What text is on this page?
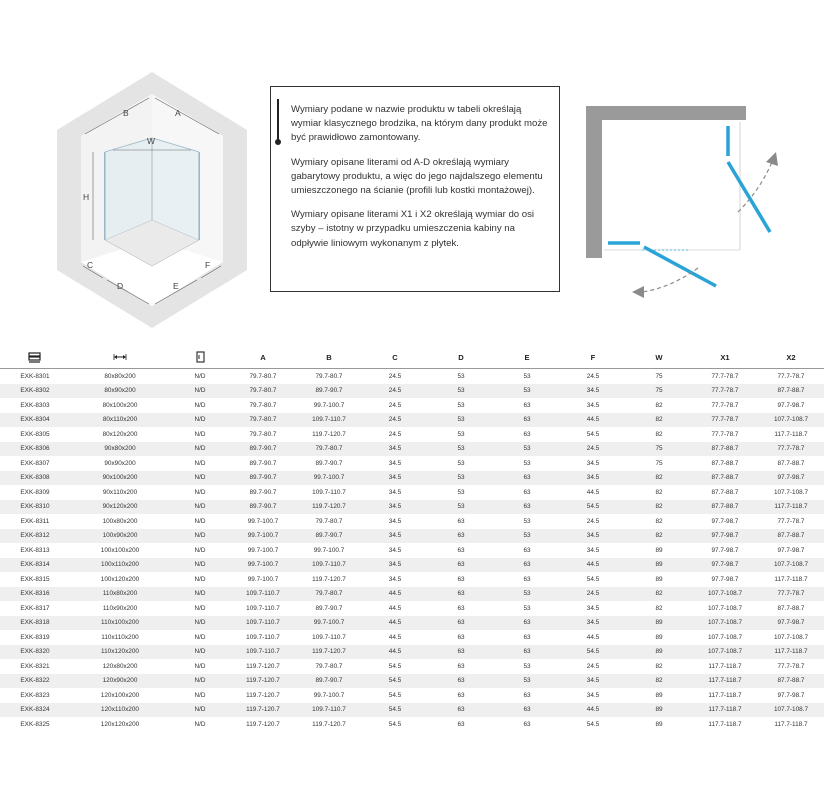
B	A
W
H
C
D	E
F

Wymiary podane w nazwie produktu w tabeli określają wymiar klasycznego brodzika, na którym dany produkt może być prawidłowo zamontowany.

Wymiary opisane literami od A-D określają wymiary gabarytowy produktu, a więc do jego najdalszego elementu umieszczonego na ścianie (profili lub kostki montażowej).

Wymiary opisane literami X1 i X2 określają wymiar do osi szyby – istotny w przypadku umieszczenia kabiny na odpływie liniowym wykonanym z płytek.

			A	B	C	D	E	F	W	X1	X2
EXK-8301	80x80x200	N/D	79.7-80.7	79.7-80.7	24.5	53	53	24.5	75	77.7-78.7	77.7-78.7
EXK-8302	80x90x200	N/D	79.7-80.7	89.7-90.7	24.5	53	53	34.5	75	77.7-78.7	87.7-88.7
EXK-8303	80x100x200	N/D	79.7-80.7	99.7-100.7	24.5	53	63	34.5	82	77.7-78.7	97.7-98.7
EXK-8304	80x110x200	N/D	79.7-80.7	109.7-110.7	24.5	53	63	44.5	82	77.7-78.7	107.7-108.7
EXK-8305	80x120x200	N/D	79.7-80.7	119.7-120.7	24.5	53	63	54.5	82	77.7-78.7	117.7-118.7
EXK-8306	90x80x200	N/D	89.7-90.7	79.7-80.7	34.5	53	53	24.5	75	87.7-88.7	77.7-78.7
EXK-8307	90x90x200	N/D	89.7-90.7	89.7-90.7	34.5	53	53	34.5	75	87.7-88.7	87.7-88.7
EXK-8308	90x100x200	N/D	89.7-90.7	99.7-100.7	34.5	53	63	34.5	82	87.7-88.7	97.7-98.7
EXK-8309	90x110x200	N/D	89.7-90.7	109.7-110.7	34.5	53	63	44.5	82	87.7-88.7	107.7-108.7
EXK-8310	90x120x200	N/D	89.7-90.7	119.7-120.7	34.5	53	63	54.5	82	87.7-88.7	117.7-118.7
EXK-8311	100x80x200	N/D	99.7-100.7	79.7-80.7	34.5	63	53	24.5	82	97.7-98.7	77.7-78.7
EXK-8312	100x90x200	N/D	99.7-100.7	89.7-90.7	34.5	63	53	34.5	82	97.7-98.7	87.7-88.7
EXK-8313	100x100x200	N/D	99.7-100.7	99.7-100.7	34.5	63	63	34.5	89	97.7-98.7	97.7-98.7
EXK-8314	100x110x200	N/D	99.7-100.7	109.7-110.7	34.5	63	63	44.5	89	97.7-98.7	107.7-108.7
EXK-8315	100x120x200	N/D	99.7-100.7	119.7-120.7	34.5	63	63	54.5	89	97.7-98.7	117.7-118.7
EXK-8316	110x80x200	N/D	109.7-110.7	79.7-80.7	44.5	63	53	24.5	82	107.7-108.7	77.7-78.7
EXK-8317	110x90x200	N/D	109.7-110.7	89.7-90.7	44.5	63	53	34.5	82	107.7-108.7	87.7-88.7
EXK-8318	110x100x200	N/D	109.7-110.7	99.7-100.7	44.5	63	63	34.5	89	107.7-108.7	97.7-98.7
EXK-8319	110x110x200	N/D	109.7-110.7	109.7-110.7	44.5	63	63	44.5	89	107.7-108.7	107.7-108.7
EXK-8320	110x120x200	N/D	109.7-110.7	119.7-120.7	44.5	63	63	54.5	89	107.7-108.7	117.7-118.7
EXK-8321	120x80x200	N/D	119.7-120.7	79.7-80.7	54.5	63	53	24.5	82	117.7-118.7	77.7-78.7
EXK-8322	120x90x200	N/D	119.7-120.7	89.7-90.7	54.5	63	53	34.5	82	117.7-118.7	87.7-88.7
EXK-8323	120x100x200	N/D	119.7-120.7	99.7-100.7	54.5	63	63	34.5	89	117.7-118.7	97.7-98.7
EXK-8324	120x110x200	N/D	119.7-120.7	109.7-110.7	54.5	63	63	44.5	89	117.7-118.7	107.7-108.7
EXK-8325	120x120x200	N/D	119.7-120.7	119.7-120.7	54.5	63	63	54.5	89	117.7-118.7	117.7-118.7
